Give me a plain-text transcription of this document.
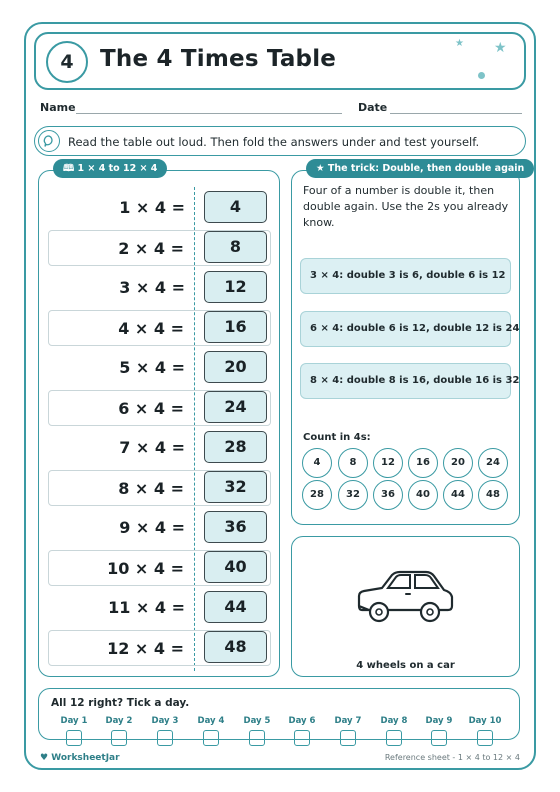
4	The 4 Times Table
★ ★
Name	Date
Read the table out loud. Then fold the answers under and test yourself.
🕮 1 × 4 to 12 × 4
1 × 4 =	4
2 × 4 =	8
3 × 4 =	12
4 × 4 =	16
5 × 4 =	20
6 × 4 =	24
7 × 4 =	28
8 × 4 =	32
9 × 4 =	36
10 × 4 =	40
11 × 4 =	44
12 × 4 =	48
★ The trick: Double, then double again
Four of a number is double it, then double again. Use the 2s you already know.
3 × 4: double 3 is 6, double 6 is 12
6 × 4: double 6 is 12, double 12 is 24
8 × 4: double 8 is 16, double 16 is 32
Count in 4s:
4	8	12	16	20	24
28	32	36	40	44	48
4 wheels on a car
All 12 right? Tick a day.
Day 1	Day 2	Day 3	Day 4	Day 5	Day 6	Day 7	Day 8	Day 9	Day 10
♥ WorksheetJar	Reference sheet - 1 × 4 to 12 × 4
